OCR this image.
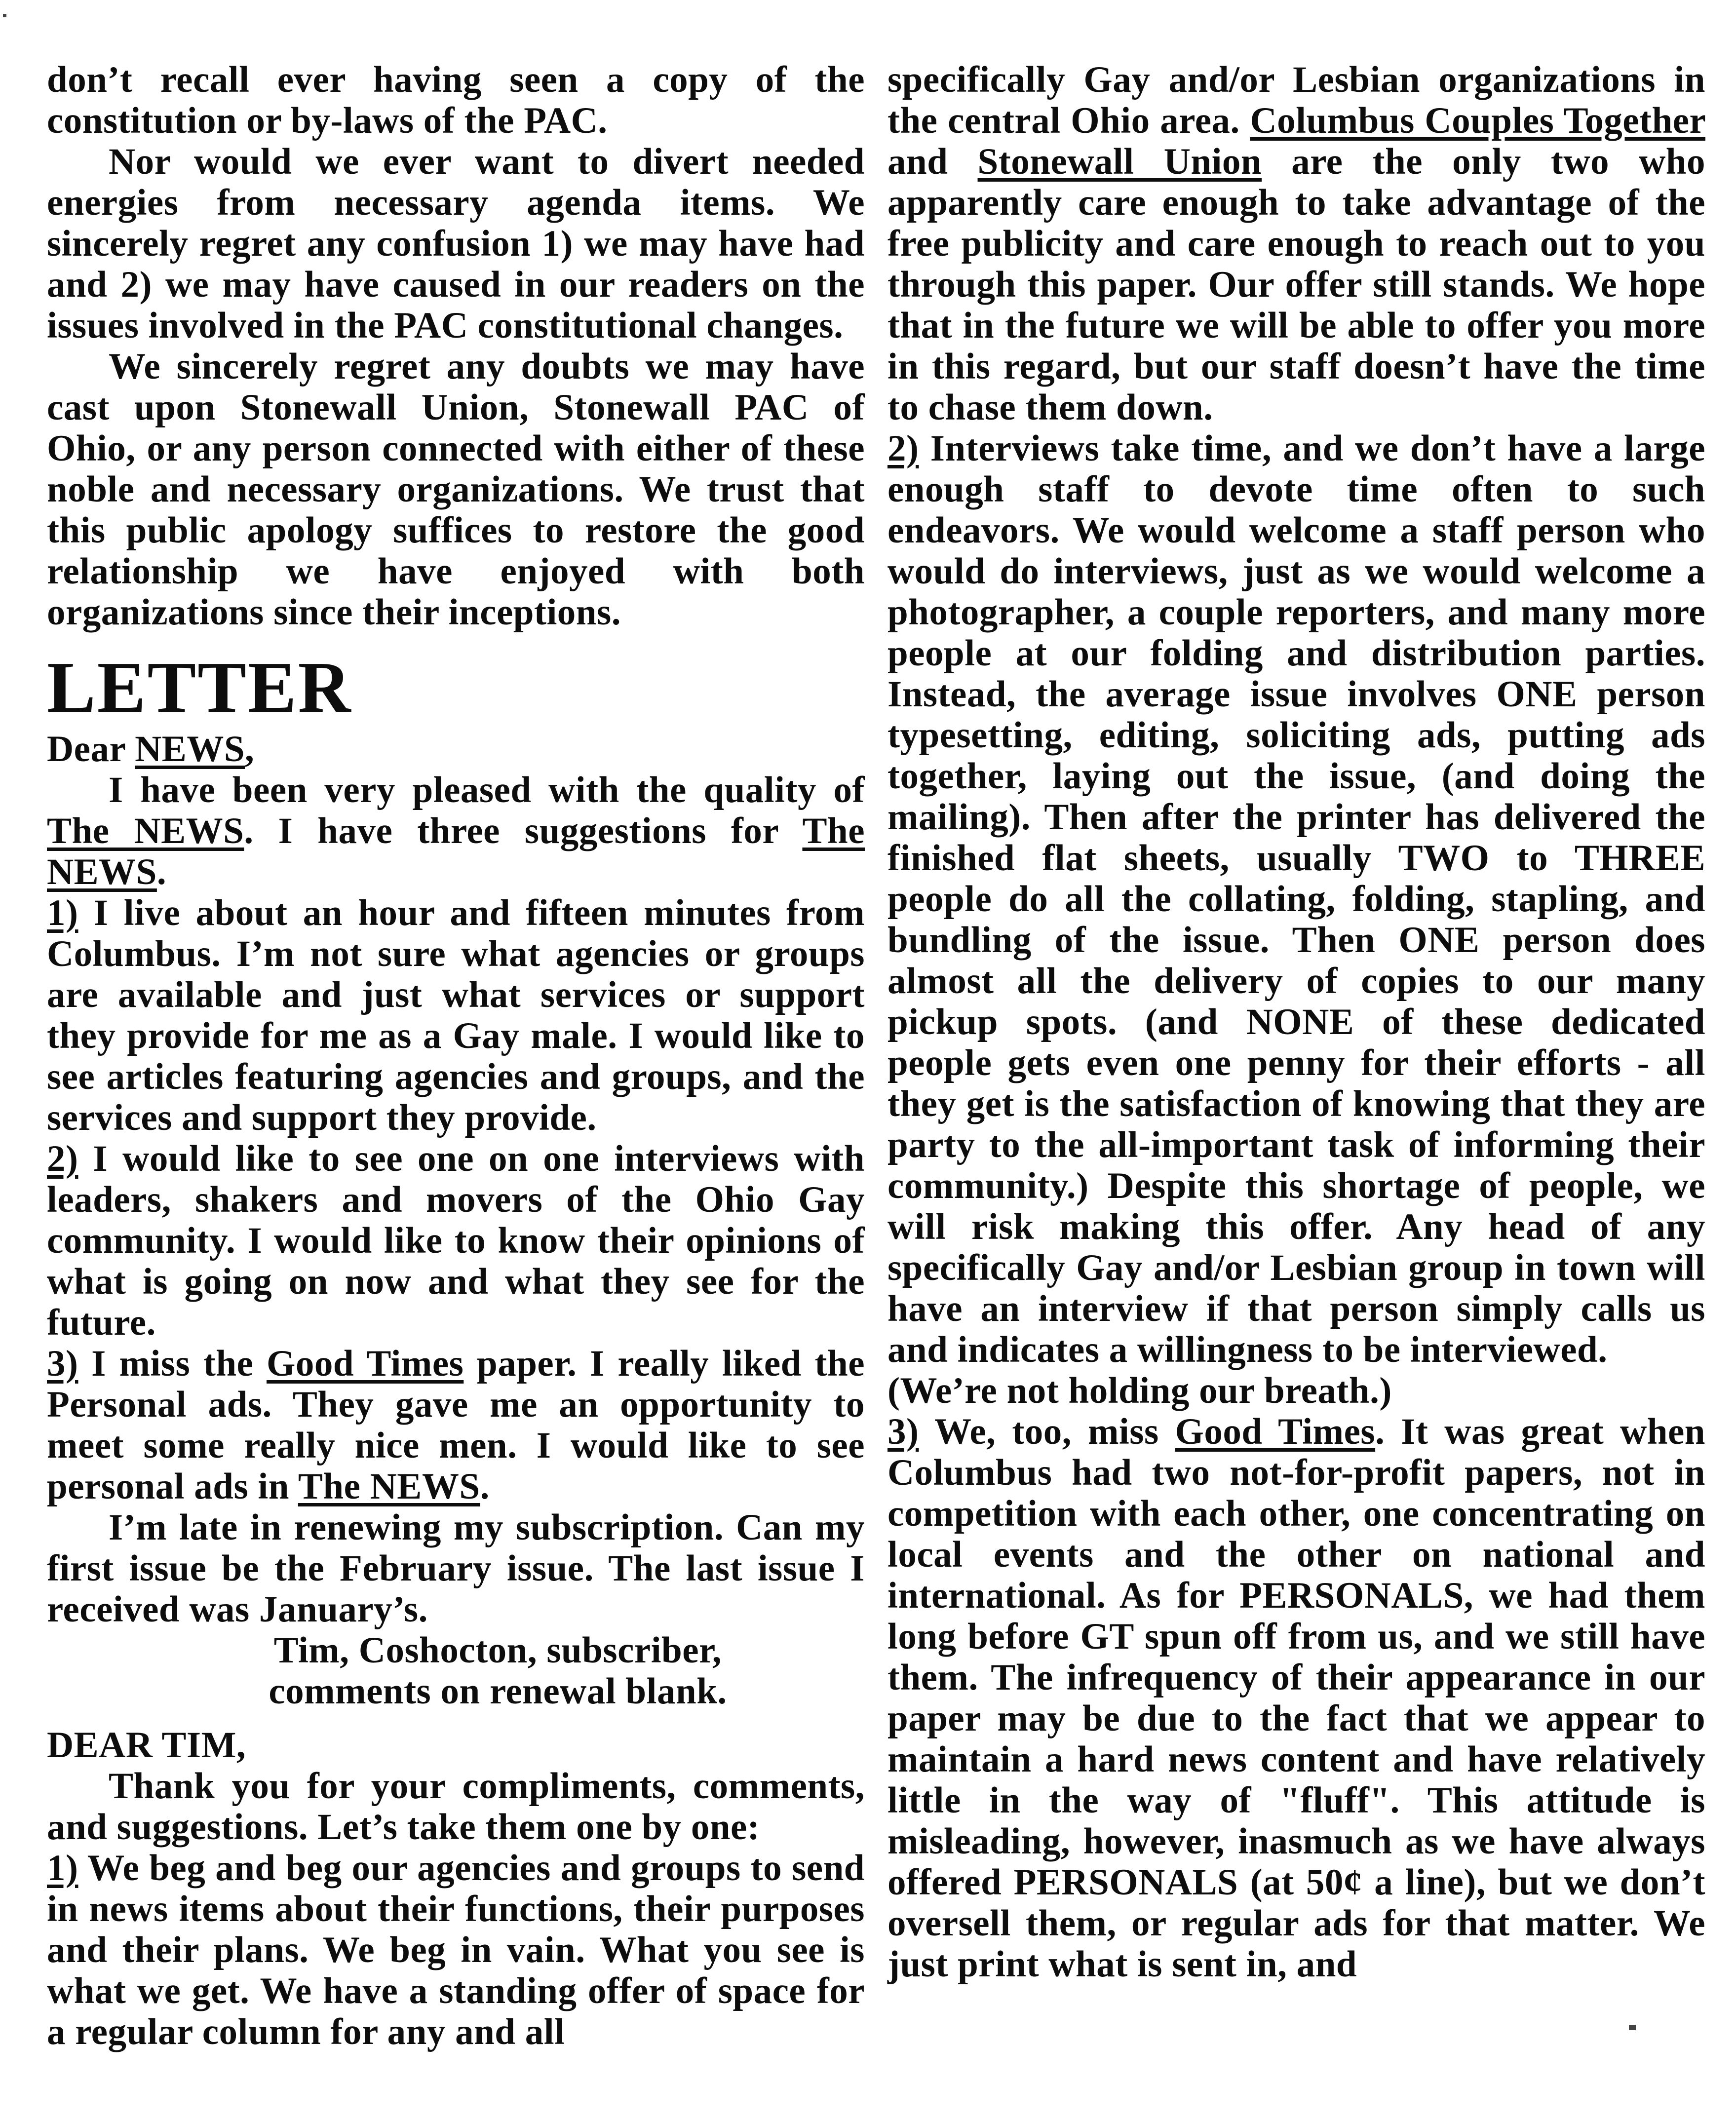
don’t recall ever having seen a copy of the constitution or by-laws of the PAC.

Nor would we ever want to divert needed energies from necessary agenda items. We sincerely regret any confusion 1) we may have had and 2) we may have caused in our readers on the issues involved in the PAC constitutional changes.

We sincerely regret any doubts we may have cast upon Stonewall Union, Stonewall PAC of Ohio, or any person connected with either of these noble and necessary organizations. We trust that this public apology suffices to restore the good relationship we have enjoyed with both organizations since their inceptions.

LETTER

Dear NEWS,

I have been very pleased with the quality of The NEWS. I have three suggestions for The NEWS.

1) I live about an hour and fifteen minutes from Columbus. I’m not sure what agencies or groups are available and just what services or support they provide for me as a Gay male. I would like to see articles featuring agencies and groups, and the services and support they provide.

2) I would like to see one on one interviews with leaders, shakers and movers of the Ohio Gay community. I would like to know their opinions of what is going on now and what they see for the future.

3) I miss the Good Times paper. I really liked the Personal ads. They gave me an opportunity to meet some really nice men. I would like to see personal ads in The NEWS.

I’m late in renewing my subscription. Can my first issue be the February issue. The last issue I received was January’s.

Tim, Coshocton, subscriber,

comments on renewal blank.

DEAR TIM,

Thank you for your compliments, comments, and suggestions. Let’s take them one by one:

1) We beg and beg our agencies and groups to send in news items about their functions, their purposes and their plans. We beg in vain. What you see is what we get. We have a standing offer of space for a regular column for any and all

specifically Gay and/or Lesbian organizations in the central Ohio area. Columbus Couples Together and Stonewall Union are the only two who apparently care enough to take advantage of the free publicity and care enough to reach out to you through this paper. Our offer still stands. We hope that in the future we will be able to offer you more in this regard, but our staff doesn’t have the time to chase them down.

2) Interviews take time, and we don’t have a large enough staff to devote time often to such endeavors. We would welcome a staff person who would do interviews, just as we would welcome a photographer, a couple reporters, and many more people at our folding and distribution parties. Instead, the average issue involves ONE person typesetting, editing, soliciting ads, putting ads together, laying out the issue, (and doing the mailing). Then after the printer has delivered the finished flat sheets, usually TWO to THREE people do all the collating, folding, stapling, and bundling of the issue. Then ONE person does almost all the delivery of copies to our many pickup spots. (and NONE of these dedicated people gets even one penny for their efforts - all they get is the satisfaction of knowing that they are party to the all-important task of informing their community.) Despite this shortage of people, we will risk making this offer. Any head of any specifically Gay and/or Lesbian group in town will have an interview if that person simply calls us and indicates a willingness to be interviewed.

(We’re not holding our breath.)

3) We, too, miss Good Times. It was great when Columbus had two not-for-profit papers, not in competition with each other, one concentrating on local events and the other on national and international. As for PERSONALS, we had them long before GT spun off from us, and we still have them. The infrequency of their appearance in our paper may be due to the fact that we appear to maintain a hard news content and have relatively little in the way of "fluff". This attitude is misleading, however, inasmuch as we have always offered PERSONALS (at 50¢ a line), but we don’t oversell them, or regular ads for that matter. We just print what is sent in, and
